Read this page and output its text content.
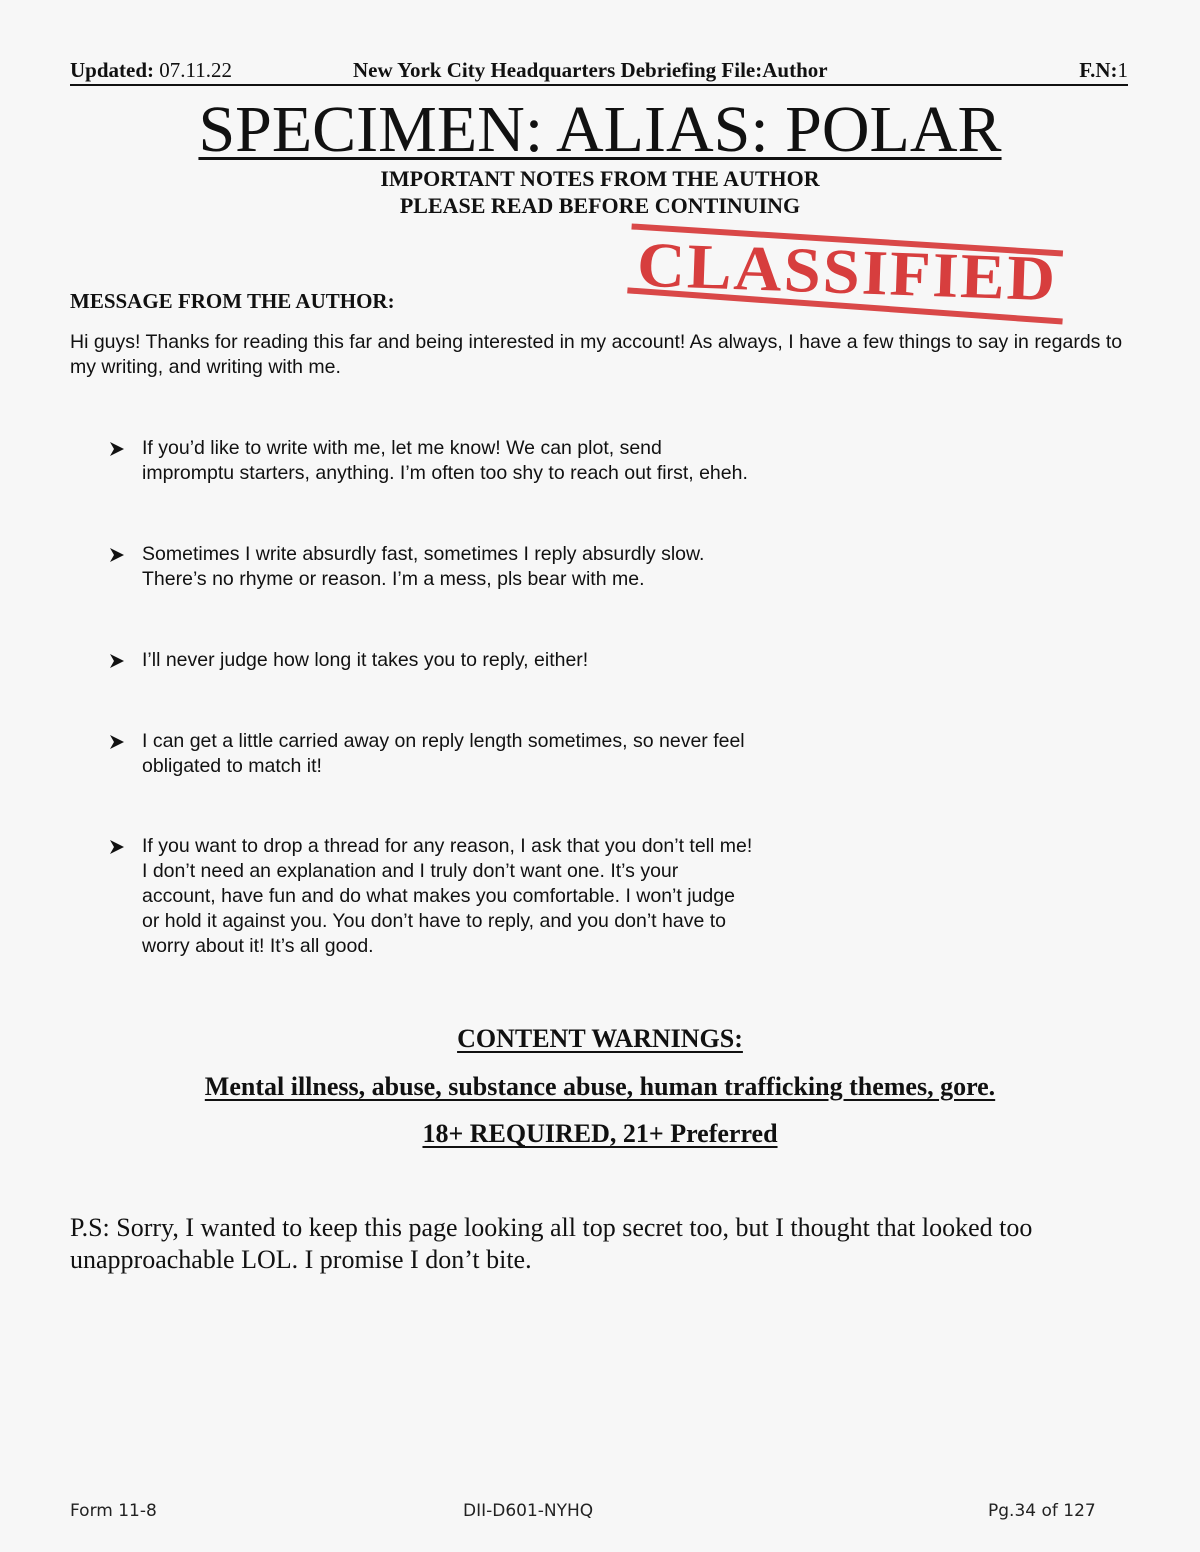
Updated: 07.11.22	New York City Headquarters Debriefing File:Author	F.N:1
SPECIMEN: ALIAS: POLAR
IMPORTANT NOTES FROM THE AUTHOR
PLEASE READ BEFORE CONTINUING
CLASSIFIED
MESSAGE FROM THE AUTHOR:
Hi guys! Thanks for reading this far and being interested in my account! As always, I have a few things to say in regards to my writing, and writing with me.
If you’d like to write with me, let me know! We can plot, send
impromptu starters, anything. I’m often too shy to reach out first, eheh.
Sometimes I write absurdly fast, sometimes I reply absurdly slow.
There’s no rhyme or reason. I’m a mess, pls bear with me.
I’ll never judge how long it takes you to reply, either!
I can get a little carried away on reply length sometimes, so never feel
obligated to match it!
If you want to drop a thread for any reason, I ask that you don’t tell me!
I don’t need an explanation and I truly don’t want one. It’s your
account, have fun and do what makes you comfortable. I won’t judge
or hold it against you. You don’t have to reply, and you don’t have to
worry about it! It’s all good.
CONTENT WARNINGS:
Mental illness, abuse, substance abuse, human trafficking themes, gore.
18+ REQUIRED, 21+ Preferred
P.S: Sorry, I wanted to keep this page looking all top secret too, but I thought that looked too unapproachable LOL. I promise I don’t bite.
Form 11-8	DII-D601-NYHQ	Pg.34 of 127
